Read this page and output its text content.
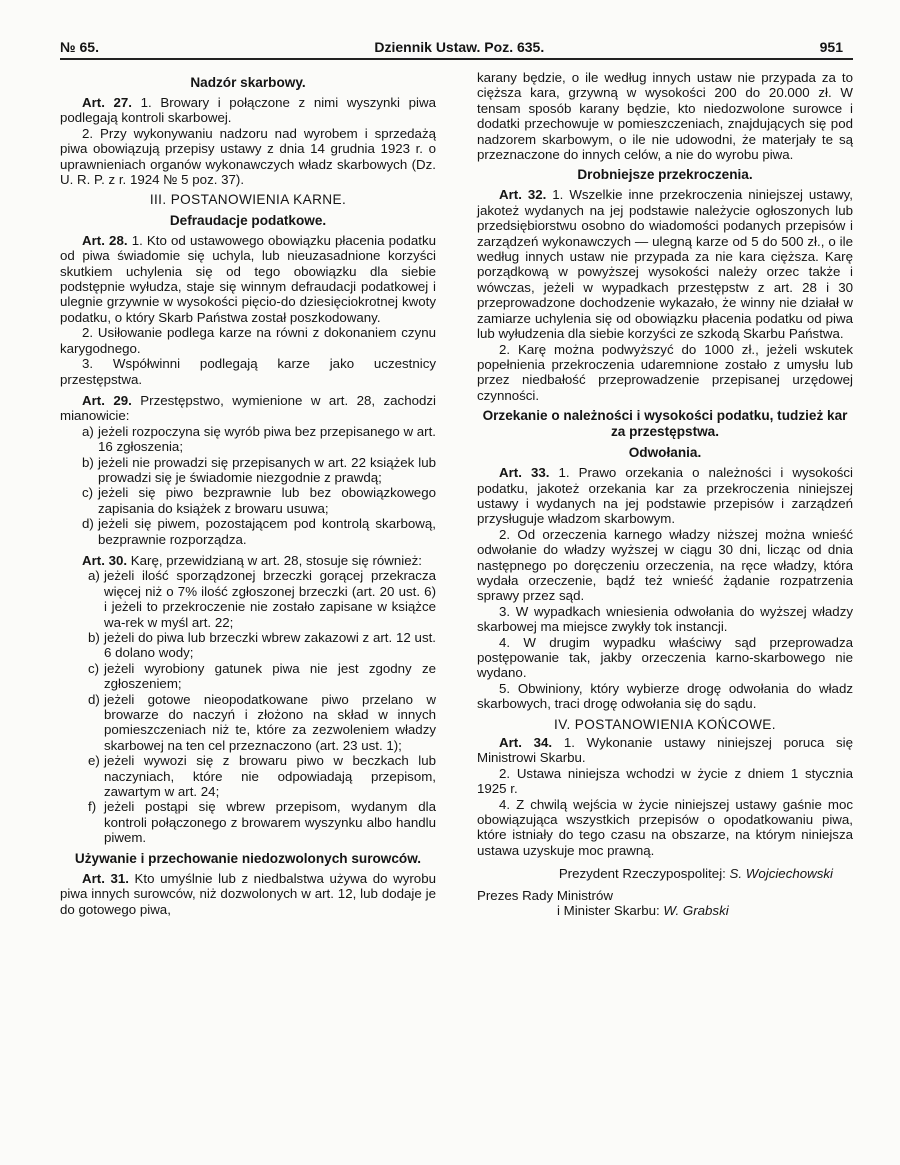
№ 65.	Dziennik Ustaw. Poz. 635.	951
Nadzór skarbowy.

Art. 27. 1. Browary i połączone z nimi wyszynki piwa podlegają kontroli skarbowej.

2. Przy wykonywaniu nadzoru nad wyrobem i sprzedażą piwa obowiązują przepisy ustawy z dnia 14 grudnia 1923 r. o uprawnieniach organów wykonawczych władz skarbowych (Dz. U. R. P. z r. 1924 № 5 poz. 37).

III. POSTANOWIENIA KARNE.
Defraudacje podatkowe.

Art. 28. 1. Kto od ustawowego obowiązku płacenia podatku od piwa świadomie się uchyla, lub nieuzasadnione korzyści skutkiem uchylenia się od tego obowiązku dla siebie podstępnie wyłudza, staje się winnym defraudacji podatkowej i ulegnie grzywnie w wysokości pięcio-do dziesięciokrotnej kwoty podatku, o który Skarb Państwa został poszkodowany.

2. Usiłowanie podlega karze na równi z dokonaniem czynu karygodnego.

3. Współwinni podlegają karze jako uczestnicy przestępstwa.

Art. 29. Przestępstwo, wymienione w art. 28, zachodzi mianowicie:

a) jeżeli rozpoczyna się wyrób piwa bez przepisanego w art. 16 zgłoszenia;

b) jeżeli nie prowadzi się przepisanych w art. 22 książek lub prowadzi się je świadomie niezgodnie z prawdą;

c) jeżeli się piwo bezprawnie lub bez obowiązkowego zapisania do książek z browaru usuwa;

d) jeżeli się piwem, pozostającem pod kontrolą skarbową, bezprawnie rozporządza.

Art. 30. Karę, przewidzianą w art. 28, stosuje się również:

a) jeżeli ilość sporządzonej brzeczki gorącej przekracza więcej niż o 7% ilość zgłoszonej brzeczki (art. 20 ust. 6) i jeżeli to przekroczenie nie zostało zapisane w książce wa-rek w myśl art. 22;

b) jeżeli do piwa lub brzeczki wbrew zakazowi z art. 12 ust. 6 dolano wody;

c) jeżeli wyrobiony gatunek piwa nie jest zgodny ze zgłoszeniem;

d) jeżeli gotowe nieopodatkowane piwo przelano w browarze do naczyń i złożono na skład w innych pomieszczeniach niż te, które za zezwoleniem władzy skarbowej na ten cel przeznaczono (art. 23 ust. 1);

e) jeżeli wywozi się z browaru piwo w beczkach lub naczyniach, które nie odpowiadają przepisom, zawartym w art. 24;

f) jeżeli postąpi się wbrew przepisom, wydanym dla kontroli połączonego z browarem wyszynku albo handlu piwem.

Używanie i przechowanie niedozwolonych surowców.

Art. 31. Kto umyślnie lub z niedbalstwa używa do wyrobu piwa innych surowców, niż dozwolonych w art. 12, lub dodaje je do gotowego piwa,

karany będzie, o ile według innych ustaw nie przypada za to cięższa kara, grzywną w wysokości 200 do 20.000 zł. W tensam sposób karany będzie, kto niedozwolone surowce i dodatki przechowuje w pomieszczeniach, znajdujących się pod nadzorem skarbowym, o ile nie udowodni, że materjały te są przeznaczone do innych celów, a nie do wyrobu piwa.

Drobniejsze przekroczenia.

Art. 32. 1. Wszelkie inne przekroczenia niniejszej ustawy, jakoteż wydanych na jej podstawie należycie ogłoszonych lub przedsiębiorstwu osobno do wiadomości podanych przepisów i zarządzeń wykonawczych — ulegną karze od 5 do 500 zł., o ile według innych ustaw nie przypada za nie kara cięższa. Karę porządkową w powyższej wysokości należy orzec także i wówczas, jeżeli w wypadkach przestępstw z art. 28 i 30 przeprowadzone dochodzenie wykazało, że winny nie działał w zamiarze uchylenia się od obowiązku płacenia podatku od piwa lub wyłudzenia dla siebie korzyści ze szkodą Skarbu Państwa.

2. Karę można podwyższyć do 1000 zł., jeżeli wskutek popełnienia przekroczenia udaremnione zostało z umysłu lub przez niedbałość przeprowadzenie przepisanej urzędowej czynności.

Orzekanie o należności i wysokości podatku, tudzież kar za przestępstwa.
Odwołania.

Art. 33. 1. Prawo orzekania o należności i wysokości podatku, jakoteż orzekania kar za przekroczenia niniejszej ustawy i wydanych na jej podstawie przepisów i zarządzeń przysługuje władzom skarbowym.

2. Od orzeczenia karnego władzy niższej można wnieść odwołanie do władzy wyższej w ciągu 30 dni, licząc od dnia następnego po doręczeniu orzeczenia, na ręce władzy, która wydała orzeczenie, bądź też wnieść żądanie rozpatrzenia sprawy przez sąd.

3. W wypadkach wniesienia odwołania do wyższej władzy skarbowej ma miejsce zwykły tok instancji.

4. W drugim wypadku właściwy sąd przeprowadza postępowanie tak, jakby orzeczenia karno-skarbowego nie wydano.

5. Obwiniony, który wybierze drogę odwołania do władz skarbowych, traci drogę odwołania się do sądu.

IV. POSTANOWIENIA KOŃCOWE.

Art. 34. 1. Wykonanie ustawy niniejszej poruca się Ministrowi Skarbu.

2. Ustawa niniejsza wchodzi w życie z dniem 1 stycznia 1925 r.

4. Z chwilą wejścia w życie niniejszej ustawy gaśnie moc obowiązująca wszystkich przepisów o opodatkowaniu piwa, które istniały do tego czasu na obszarze, na którym niniejsza ustawa uzyskuje moc prawną.

Prezydent Rzeczypospolitej: S. Wojciechowski

Prezes Rady Ministrów

i Minister Skarbu: W. Grabski
